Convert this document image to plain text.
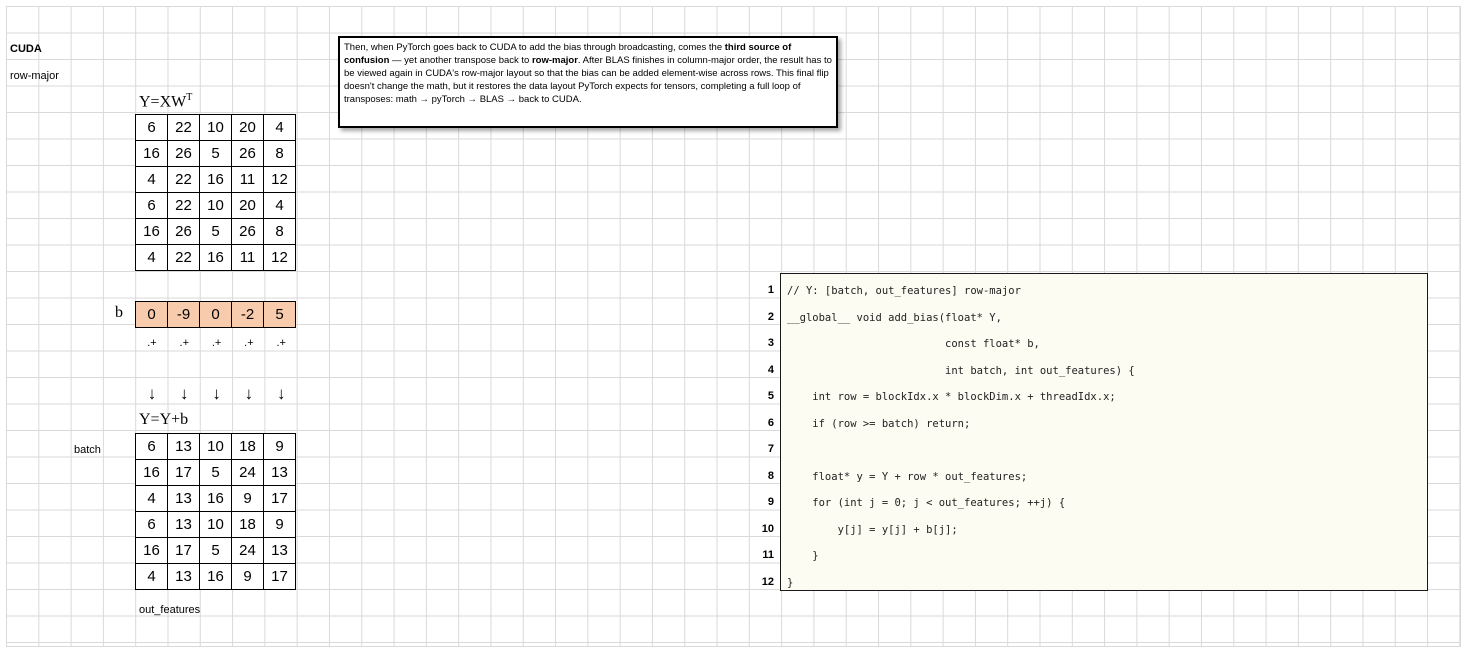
CUDA
row-major
$Y=XW^T$
6	22	10	20	4
16	26	5	26	8
4	22	16	11	12
6	22	10	20	4
16	26	5	26	8
4	22	16	11	12
b 0	-9	0	-2	5
.+	.+	.+	.+	.+
↓	↓	↓	↓	↓
Y=Y+b
batch	6	13	10	18	9
16	17	5	24	13
4	13	16	9	17
6	13	10	18	9
16	17	5	24	13
4	13	16	9	17
out_features
Then, when PyTorch goes back to CUDA to add the bias through broadcasting, comes the third source of confusion — yet another transpose back to row-major. After BLAS finishes in column-major order, the result has to be viewed again in CUDA's row-major layout so that the bias can be added element-wise across rows. This final flip doesn't change the math, but it restores the data layout PyTorch expects for tensors, completing a full loop of transposes: math → pyTorch → BLAS → back to CUDA.
1
2
3
4
5
6
7
8
9
10
11
12
// Y: [batch, out_features] row-major
__global__ void add_bias(float* Y,
const float* b,
int batch, int out_features) {
int row = blockIdx.x * blockDim.x + threadIdx.x;
if (row >= batch) return;
float* y = Y + row * out_features;
for (int j = 0; j < out_features; ++j) {
y[j] = y[j] + b[j];
}
}
